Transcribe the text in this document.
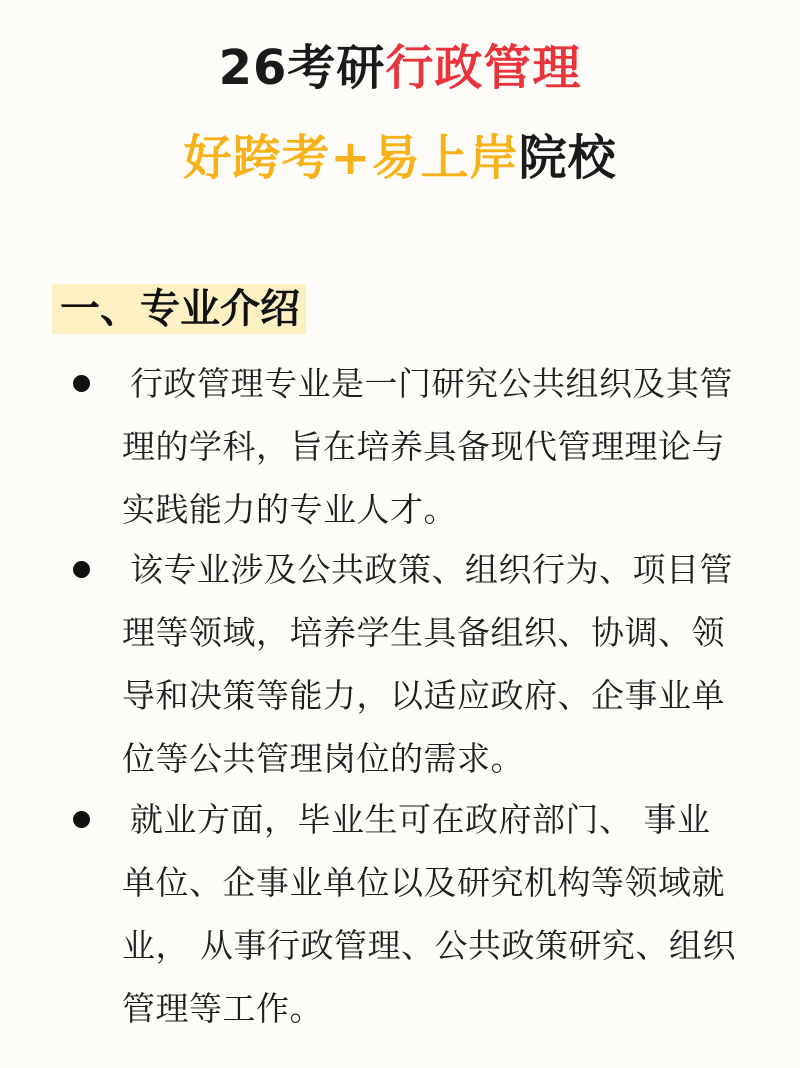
26考研行政管理
好跨考+易上岸院校
一、专业介绍
行政管理专业是一门研究公共组织及其管理的学科，旨在培养具备现代管理理论与实践能力的专业人才。
该专业涉及公共政策、组织行为、项目管理等领域，培养学生具备组织、协调、领导和决策等能力，以适应政府、企事业单位等公共管理岗位的需求。
就业方面，毕业生可在政府部门、 事业单位、企事业单位以及研究机构等领域就业， 从事行政管理、公共政策研究、组织管理等工作。
